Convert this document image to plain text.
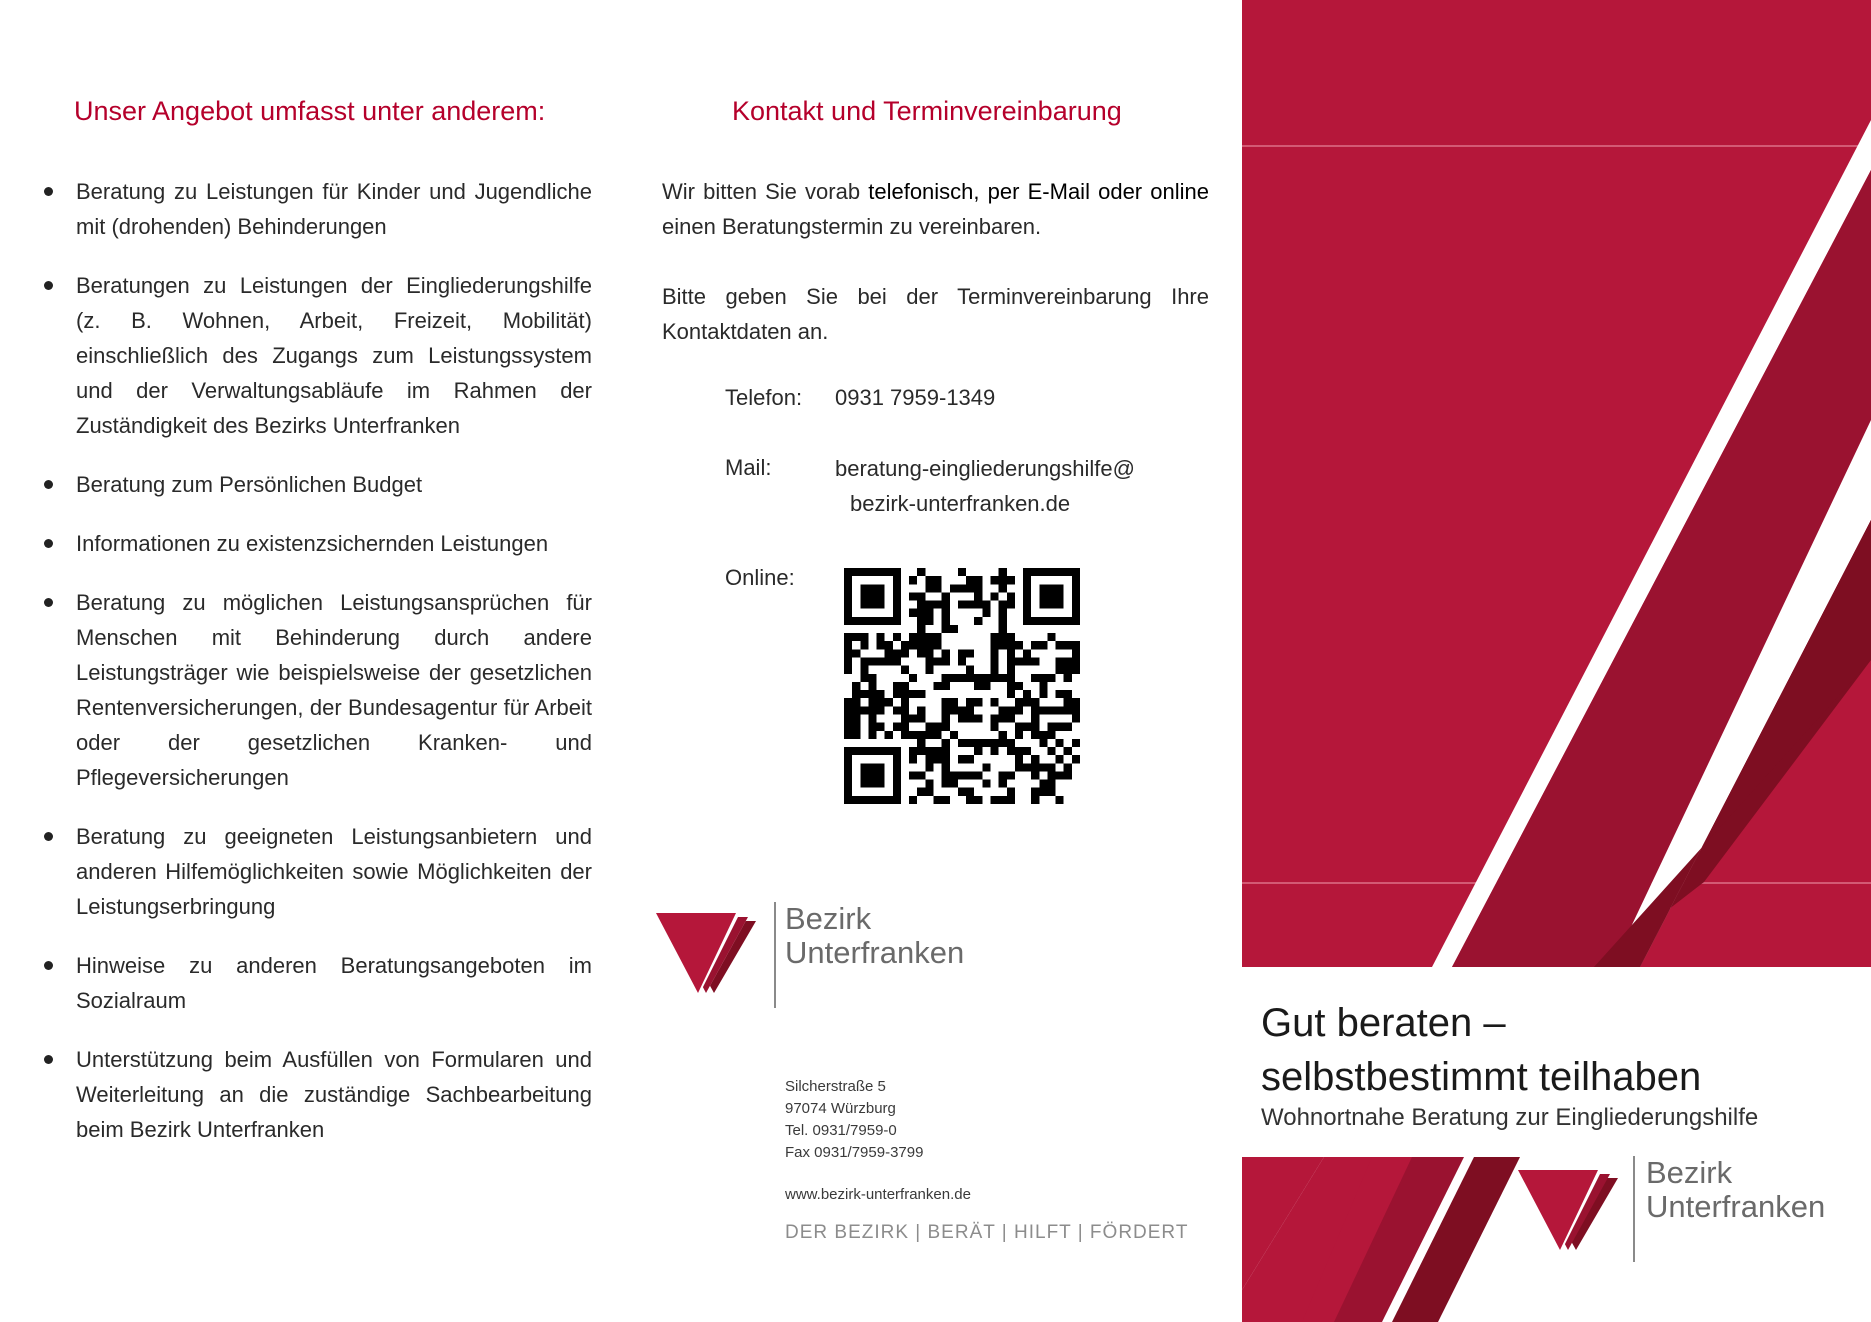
Unser Angebot umfasst unter anderem:
Beratung zu Leistungen für Kinder und Jugendliche mit (drohenden) Behinderungen
Beratungen zu Leistungen der Eingliederungshilfe (z. B. Wohnen, Arbeit, Freizeit, Mobilität) einschließlich des Zugangs zum Leistungssystem und der Verwaltungsabläufe im Rahmen der Zuständigkeit des Bezirks Unterfranken
Beratung zum Persönlichen Budget
Informationen zu existenzsichernden Leistungen
Beratung zu möglichen Leistungsansprüchen für Menschen mit Behinderung durch andere Leistungsträger wie beispielsweise der gesetzlichen Rentenversicherungen, der Bundesagentur für Arbeit oder der gesetzlichen Kranken- und Pflegeversicherungen
Beratung zu geeigneten Leistungsanbietern und anderen Hilfemöglichkeiten sowie Möglichkeiten der Leistungserbringung
Hinweise zu anderen Beratungsangeboten im Sozialraum
Unterstützung beim Ausfüllen von Formularen und Weiterleitung an die zuständige Sachbearbeitung beim Bezirk Unterfranken
Kontakt und Terminvereinbarung

Wir bitten Sie vorab telefonisch, per E-Mail oder online einen Beratungstermin zu vereinbaren.

Bitte geben Sie bei der Terminvereinbarung Ihre Kontaktdaten an.

Telefon: 0931 7959-1349
Mail:	beratung-eingliederungshilfe@
bezirk-unterfranken.de
Online:
Bezirk
Unterfranken
Silcherstraße 5
97074 Würzburg
Tel. 0931/7959-0
Fax 0931/7959-3799
www.bezirk-unterfranken.de
DER BEZIRK | BERÄT | HILFT | FÖRDERT
Gut beraten –
selbstbestimmt teilhaben
Wohnortnahe Beratung zur Eingliederungshilfe
Bezirk
Unterfranken
